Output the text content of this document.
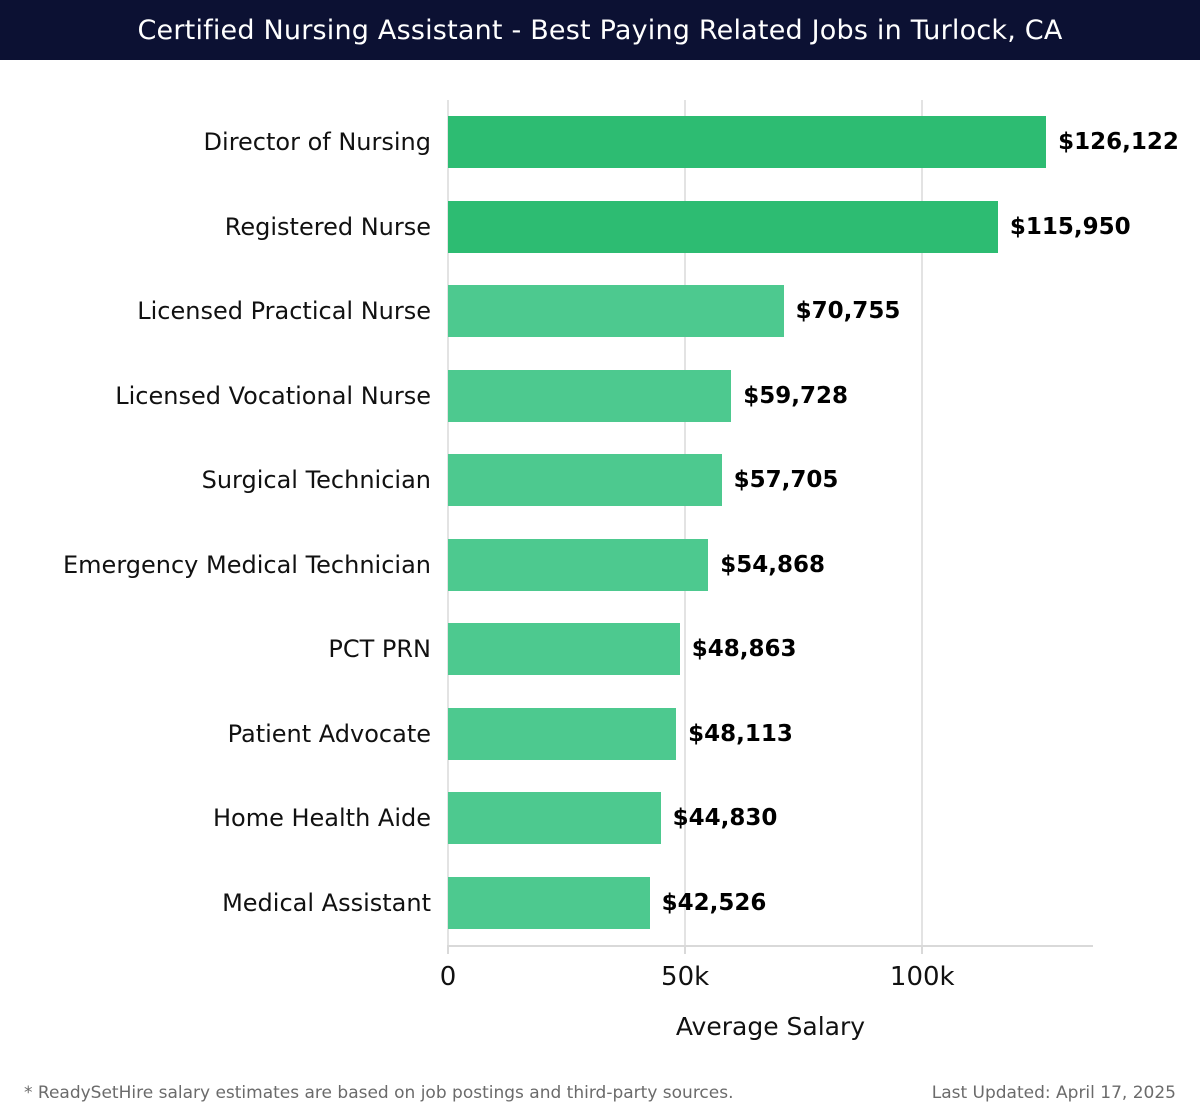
Certified Nursing Assistant - Best Paying Related Jobs in Turlock, CA
0	50k	100k
Director of Nursing	$126,122
Registered Nurse	$115,950
Licensed Practical Nurse	$70,755
Licensed Vocational Nurse	$59,728
Surgical Technician	$57,705
Emergency Medical Technician	$54,868
PCT PRN	$48,863
Patient Advocate	$48,113
Home Health Aide	$44,830
Medical Assistant	$42,526
Average Salary
* ReadySetHire salary estimates are based on job postings and third-party sources.	Last Updated: April 17, 2025
